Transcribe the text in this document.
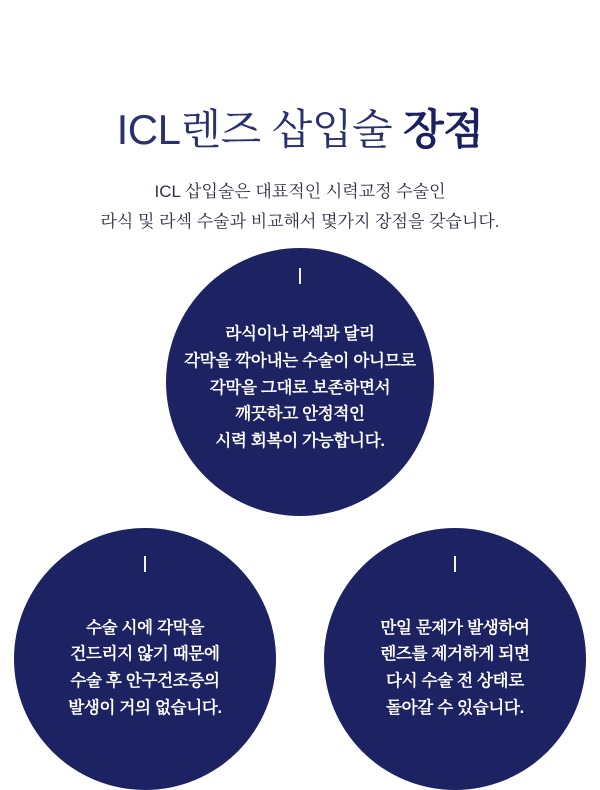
ICL렌즈 삽입술 장점

ICL 삽입술은 대표적인 시력교정 수술인
라식 및 라섹 수술과 비교해서 몇가지 장점을 갖습니다.

라식이나 라섹과 달리
각막을 깍아내는 수술이 아니므로
각막을 그대로 보존하면서
깨끗하고 안정적인
시력 회복이 가능합니다.
수술 시에 각막을
건드리지 않기 때문에
수술 후 안구건조증의
발생이 거의 없습니다.
만일 문제가 발생하여
렌즈를 제거하게 되면
다시 수술 전 상태로
돌아갈 수 있습니다.
